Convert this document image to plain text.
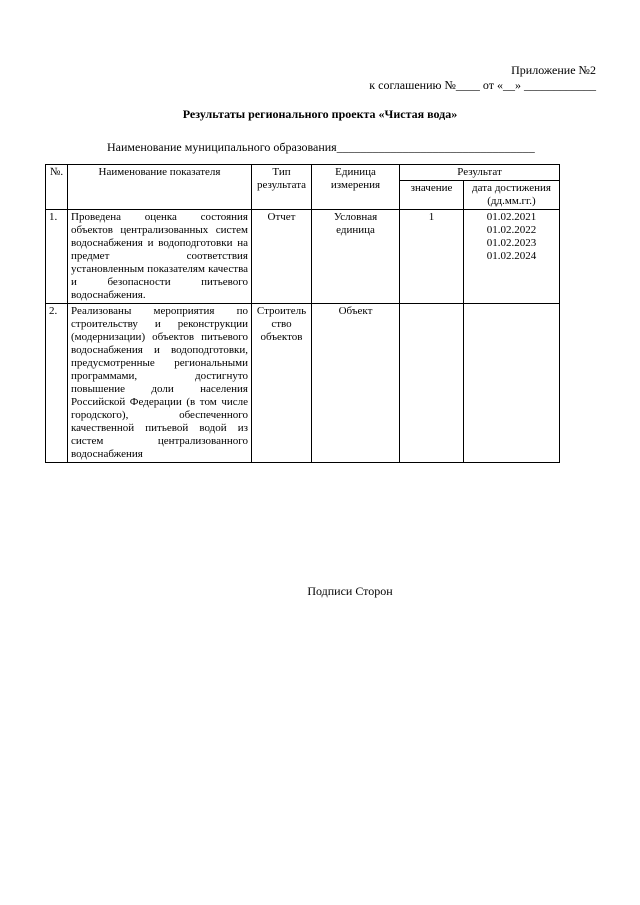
Приложение №2
к соглашению №____ от «__» ____________
Результаты регионального проекта «Чистая вода»
Наименование муниципального образования_________________________________
№.	Наименование показателя	Тип результата	Единица измерения	Результат	
				значение	дата достижения (дд.мм.гг.)
1.	Проведена оценка состояния объектов централизованных систем водоснабжения и водоподготовки на предмет соответствия установленным показателям качества и безопасности питьевого водоснабжения.	Отчет	Условная единица	1	01.02.2021
01.02.2022
01.02.2023
01.02.2024

2.	Реализованы мероприятия по строительству и реконструкции (модернизации) объектов питьевого водоснабжения и водоподготовки, предусмотренные региональными программами, достигнуто повышение доли населения Российской Федерации (в том числе городского), обеспеченного качественной питьевой водой из систем централизованного водоснабжения	Строитель ство объектов	Объект		
Подписи Сторон
